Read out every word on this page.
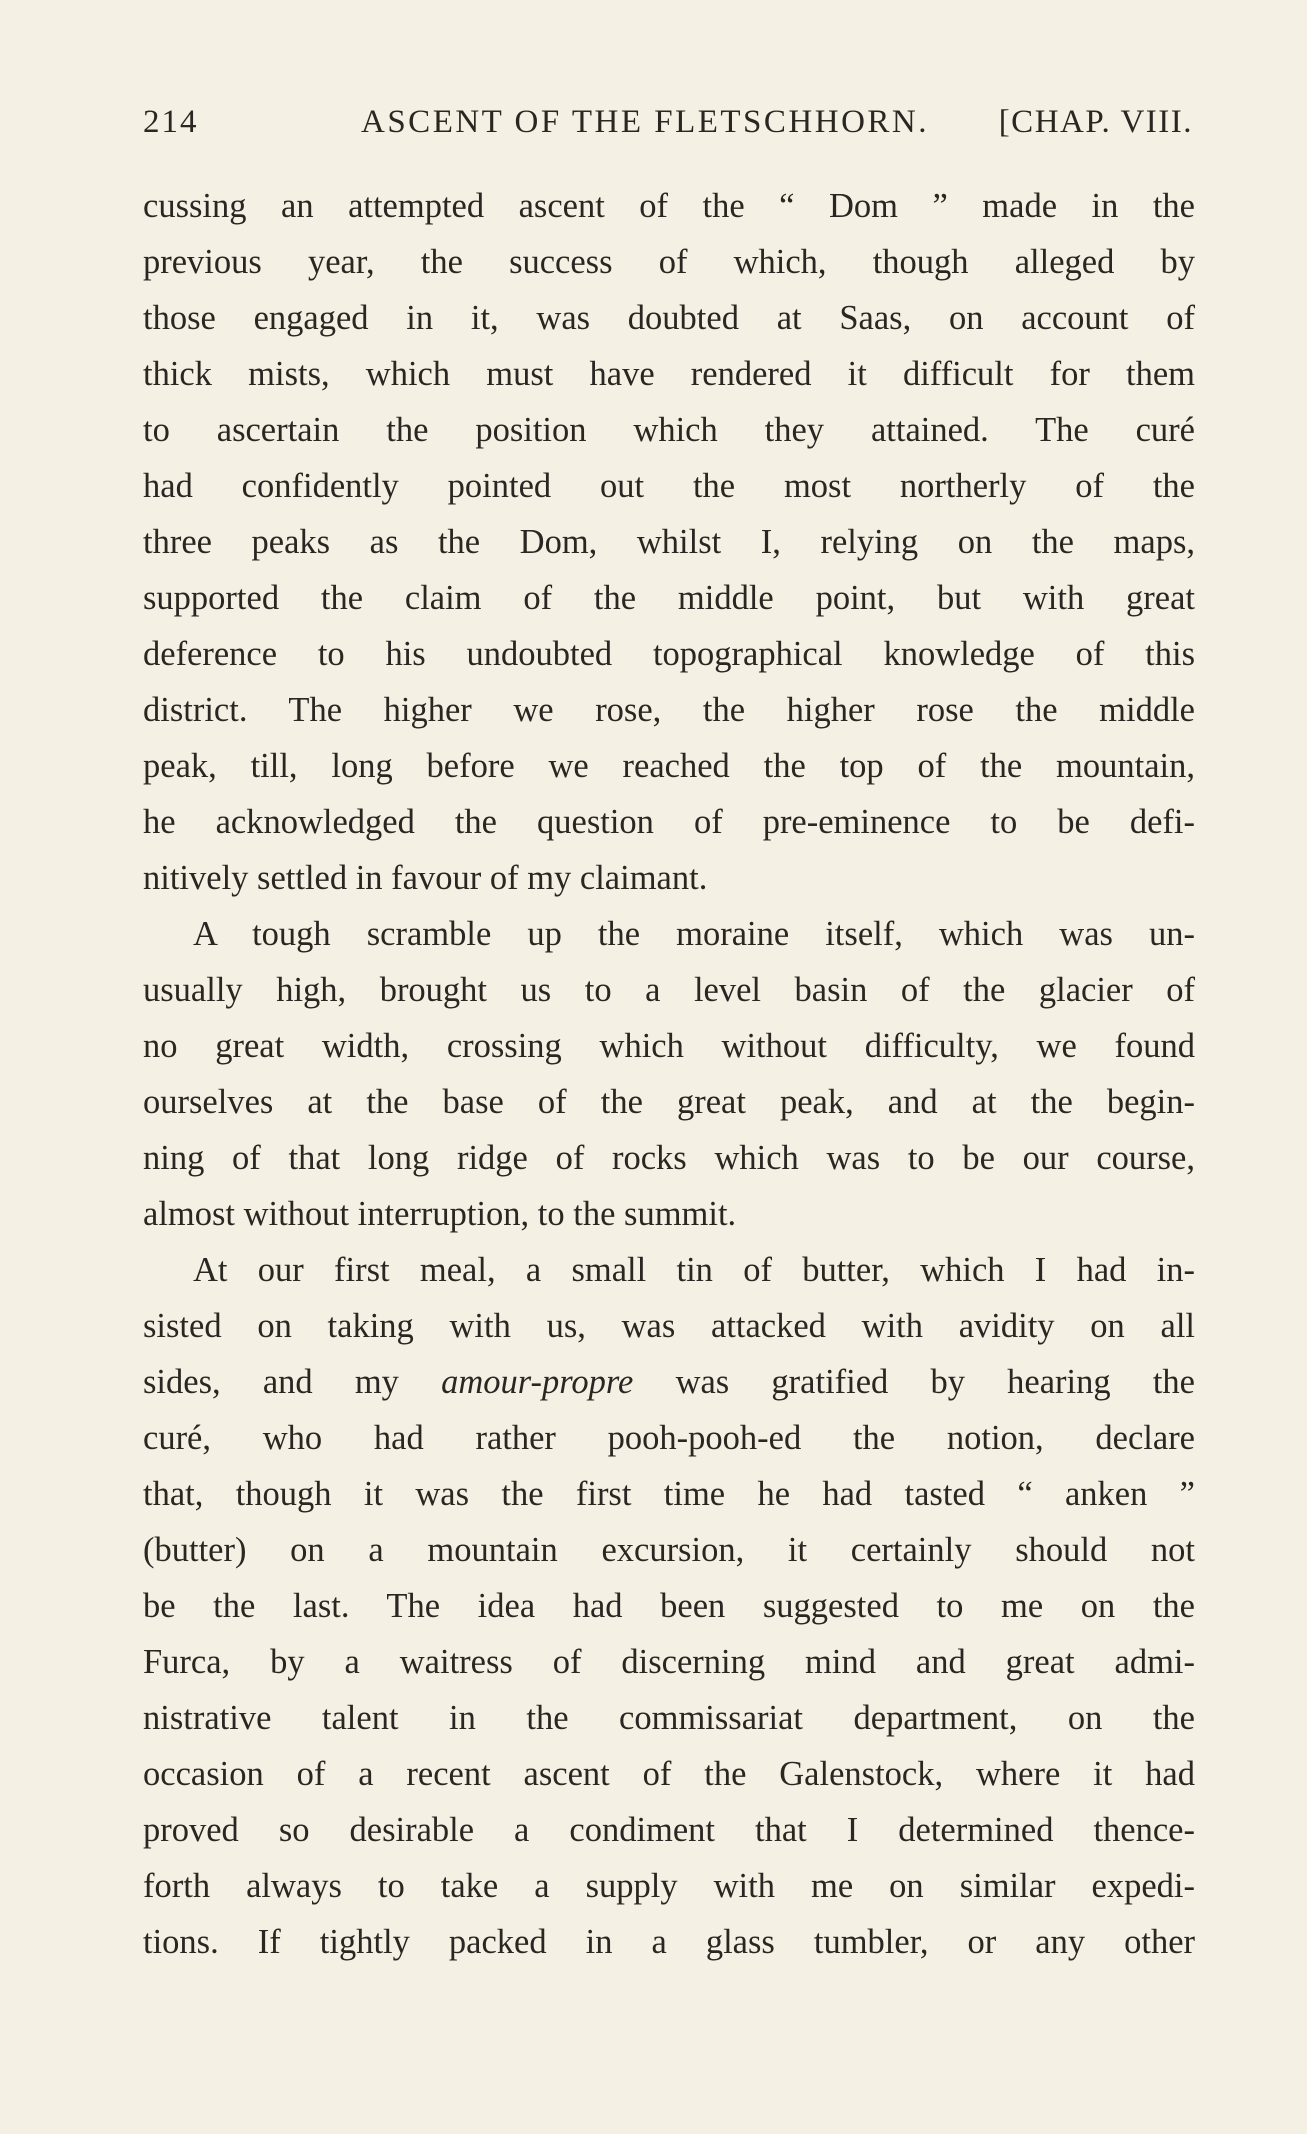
214	ASCENT OF THE FLETSCHHORN. [CHAP. VIII.
cussing an attempted ascent of the “ Dom ” made in the
previous year, the success of which, though alleged by
those engaged in it, was doubted at Saas, on account of
thick mists, which must have rendered it difficult for them
to ascertain the position which they attained. The curé
had confidently pointed out the most northerly of the
three peaks as the Dom, whilst I, relying on the maps,
supported the claim of the middle point, but with great
deference to his undoubted topographical knowledge of this
district. The higher we rose, the higher rose the middle
peak, till, long before we reached the top of the mountain,
he acknowledged the question of pre-eminence to be defi-
nitively settled in favour of my claimant.
A tough scramble up the moraine itself, which was un-
usually high, brought us to a level basin of the glacier of
no great width, crossing which without difficulty, we found
ourselves at the base of the great peak, and at the begin-
ning of that long ridge of rocks which was to be our course,
almost without interruption, to the summit.
At our first meal, a small tin of butter, which I had in-
sisted on taking with us, was attacked with avidity on all
sides, and my amour-propre was gratified by hearing the
curé, who had rather pooh-pooh-ed the notion, declare
that, though it was the first time he had tasted “ anken ”
(butter) on a mountain excursion, it certainly should not
be the last. The idea had been suggested to me on the
Furca, by a waitress of discerning mind and great admi-
nistrative talent in the commissariat department, on the
occasion of a recent ascent of the Galenstock, where it had
proved so desirable a condiment that I determined thence-
forth always to take a supply with me on similar expedi-
tions. If tightly packed in a glass tumbler, or any other
